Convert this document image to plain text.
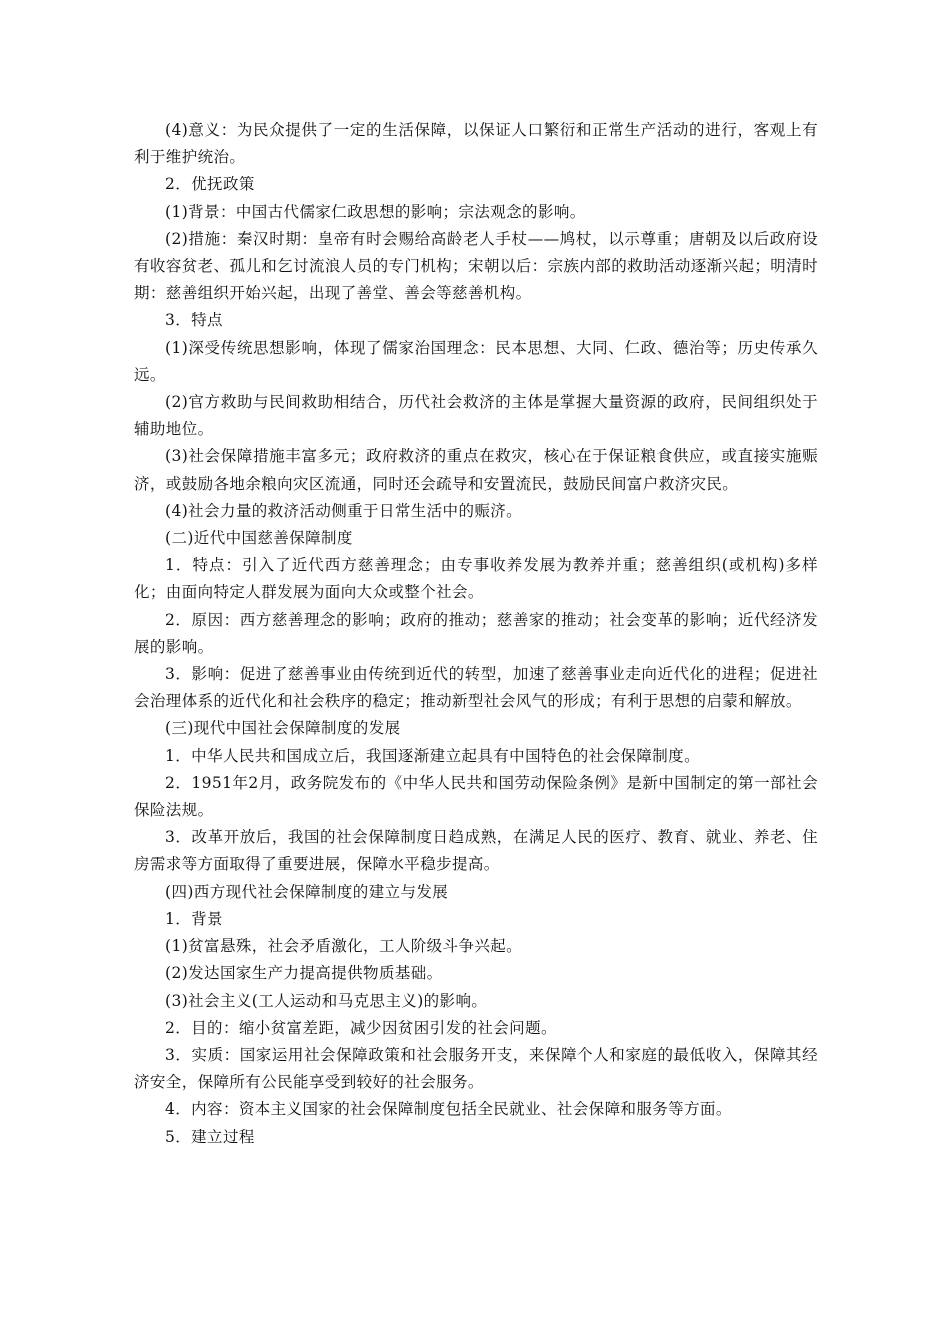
(4)意义：为民众提供了一定的生活保障，以保证人口繁衍和正常生产活动的进行，客观上有利于维护统治。

2．优抚政策

(1)背景：中国古代儒家仁政思想的影响；宗法观念的影响。

(2)措施：秦汉时期：皇帝有时会赐给高龄老人手杖——鸠杖，以示尊重；唐朝及以后政府设有收容贫老、孤儿和乞讨流浪人员的专门机构；宋朝以后：宗族内部的救助活动逐渐兴起；明清时期：慈善组织开始兴起，出现了善堂、善会等慈善机构。

3．特点

(1)深受传统思想影响，体现了儒家治国理念：民本思想、大同、仁政、德治等；历史传承久远。

(2)官方救助与民间救助相结合，历代社会救济的主体是掌握大量资源的政府，民间组织处于辅助地位。

(3)社会保障措施丰富多元；政府救济的重点在救灾，核心在于保证粮食供应，或直接实施赈济，或鼓励各地余粮向灾区流通，同时还会疏导和安置流民，鼓励民间富户救济灾民。

(4)社会力量的救济活动侧重于日常生活中的赈济。

(二)近代中国慈善保障制度

1．特点：引入了近代西方慈善理念；由专事收养发展为教养并重；慈善组织(或机构)多样化；由面向特定人群发展为面向大众或整个社会。

2．原因：西方慈善理念的影响；政府的推动；慈善家的推动；社会变革的影响；近代经济发展的影响。

3．影响：促进了慈善事业由传统到近代的转型，加速了慈善事业走向近代化的进程；促进社会治理体系的近代化和社会秩序的稳定；推动新型社会风气的形成；有利于思想的启蒙和解放。

(三)现代中国社会保障制度的发展

1．中华人民共和国成立后，我国逐渐建立起具有中国特色的社会保障制度。

2．1951年2月，政务院发布的《中华人民共和国劳动保险条例》是新中国制定的第一部社会保险法规。

3．改革开放后，我国的社会保障制度日趋成熟，在满足人民的医疗、教育、就业、养老、住房需求等方面取得了重要进展，保障水平稳步提高。

(四)西方现代社会保障制度的建立与发展

1．背景

(1)贫富悬殊，社会矛盾激化，工人阶级斗争兴起。

(2)发达国家生产力提高提供物质基础。

(3)社会主义(工人运动和马克思主义)的影响。

2．目的：缩小贫富差距，减少因贫困引发的社会问题。

3．实质：国家运用社会保障政策和社会服务开支，来保障个人和家庭的最低收入，保障其经济安全，保障所有公民能享受到较好的社会服务。

4．内容：资本主义国家的社会保障制度包括全民就业、社会保障和服务等方面。

5．建立过程
